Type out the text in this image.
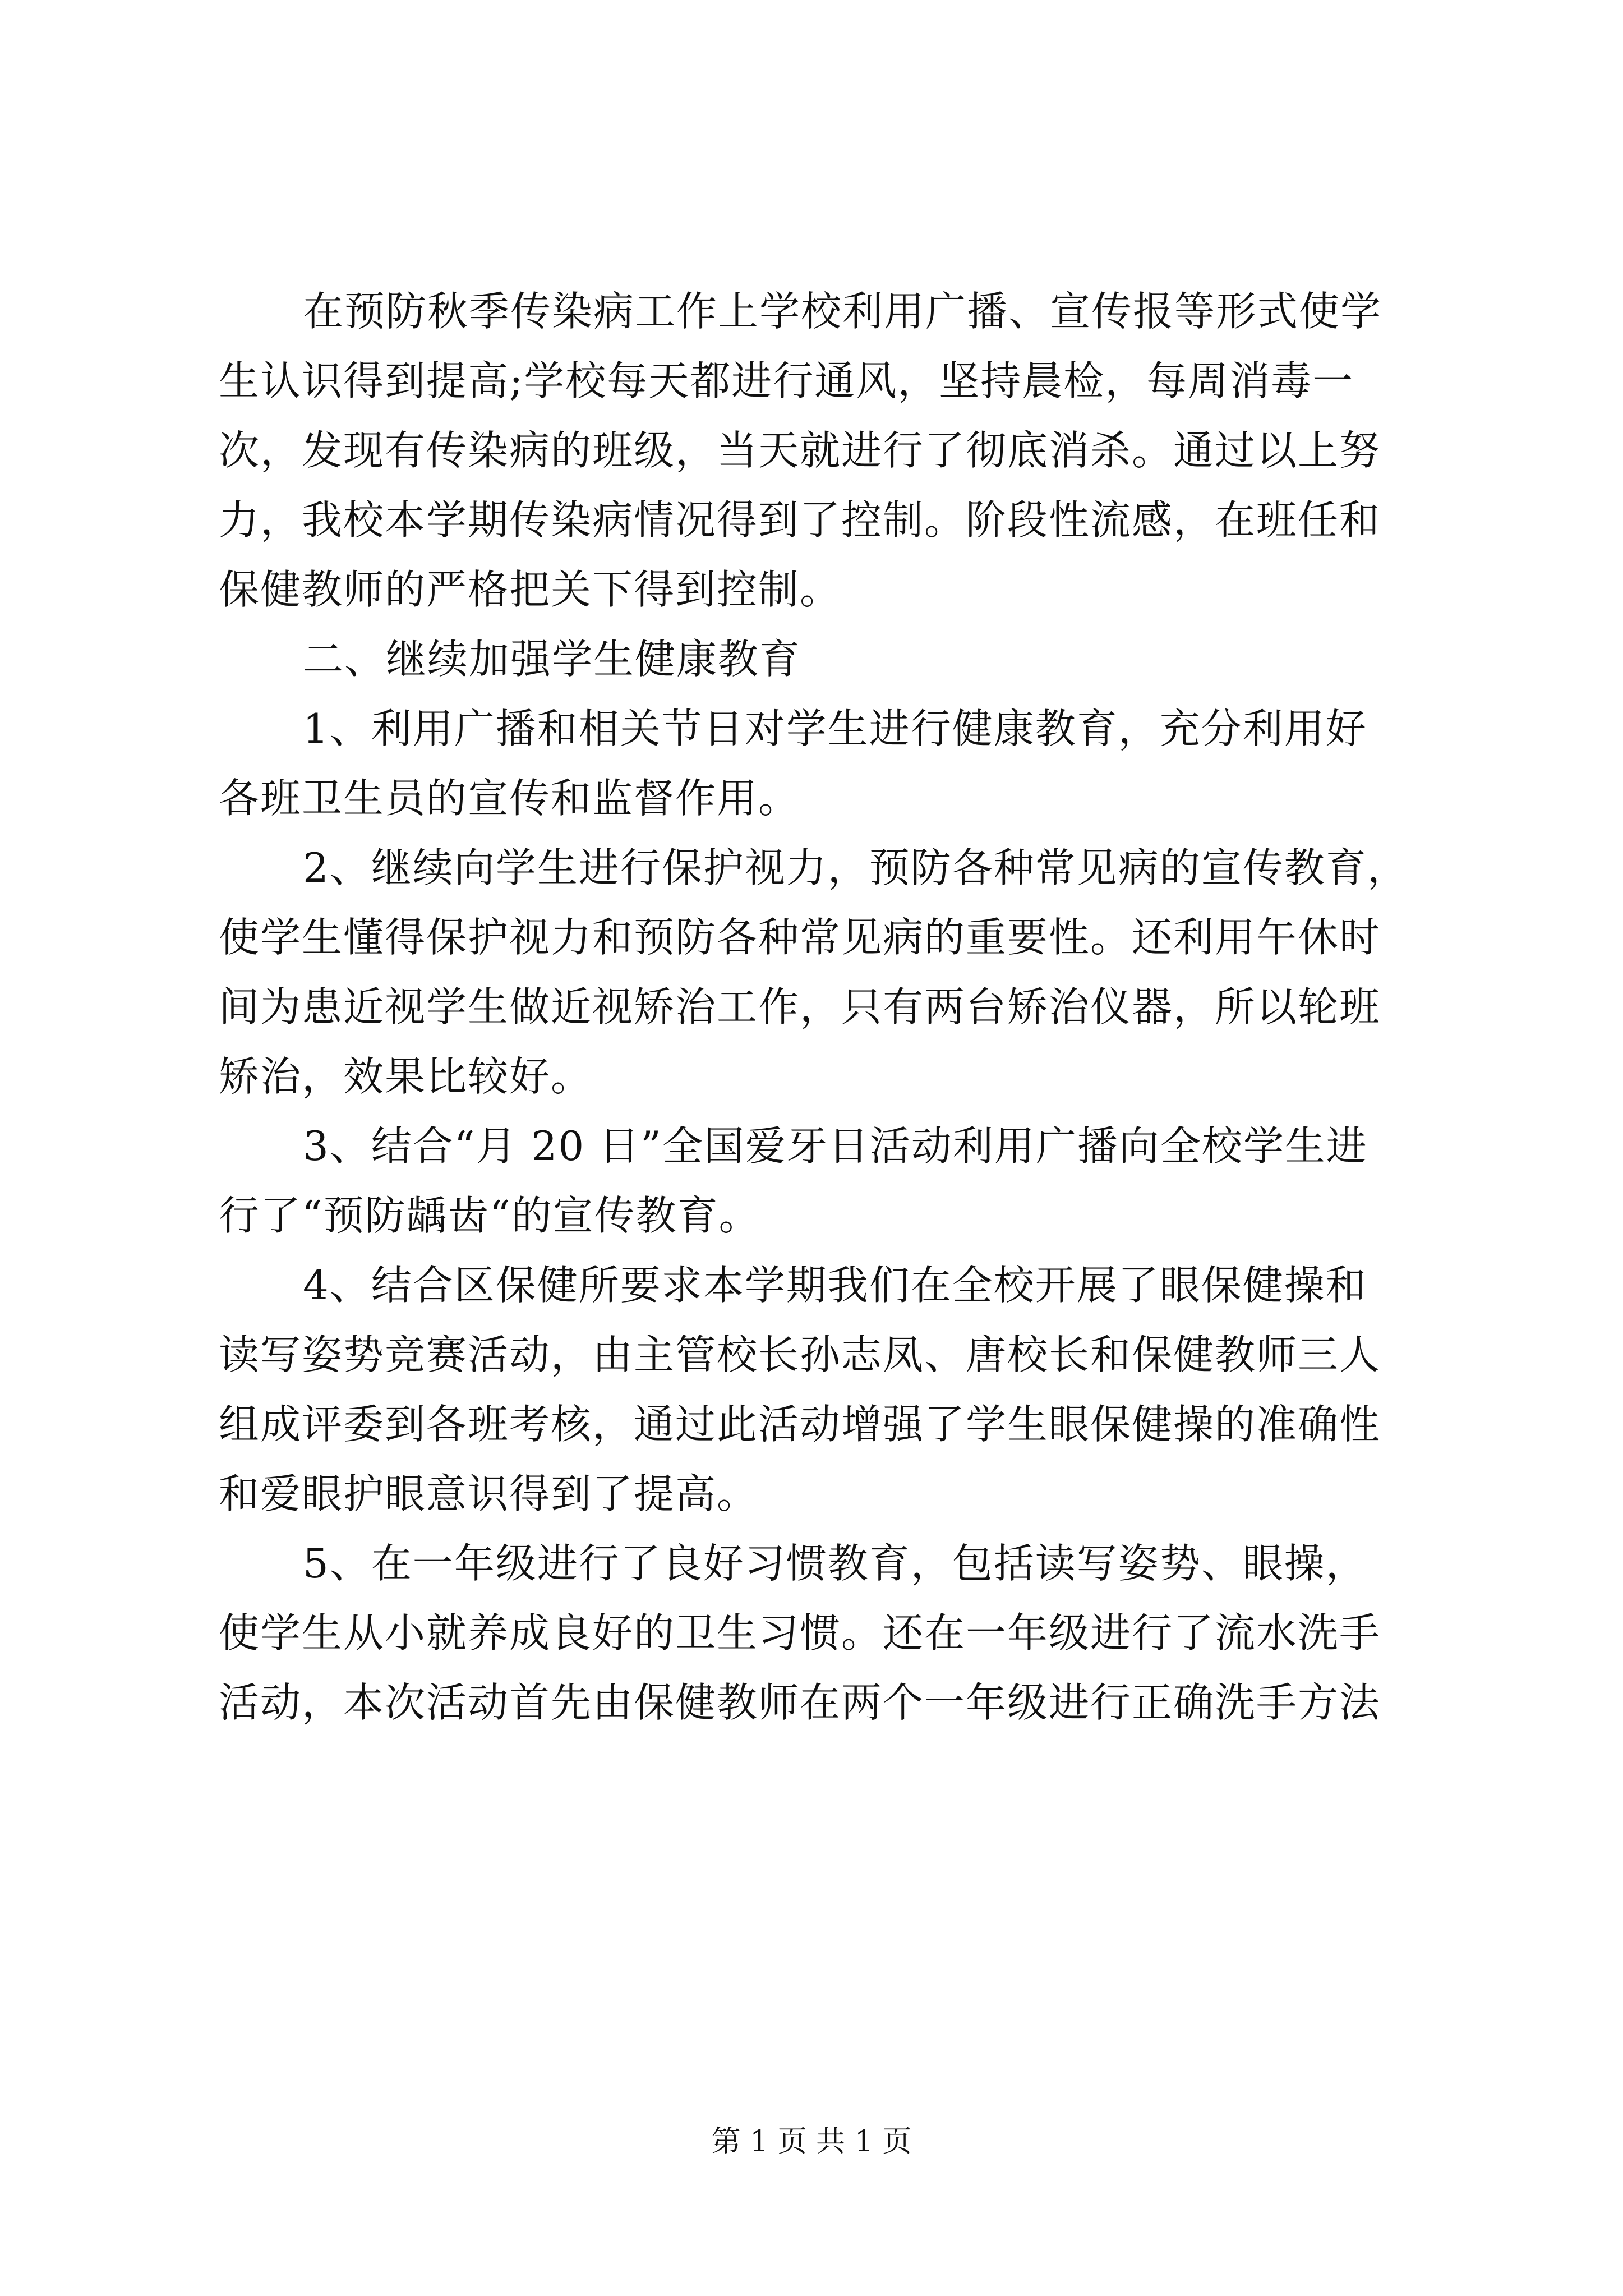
在预防秋季传染病工作上学校利用广播、宣传报等形式使学
生认识得到提高;学校每天都进行通风，坚持晨检，每周消毒一
次，发现有传染病的班级，当天就进行了彻底消杀。通过以上努
力，我校本学期传染病情况得到了控制。阶段性流感，在班任和
保健教师的严格把关下得到控制。
二、继续加强学生健康教育
1、利用广播和相关节日对学生进行健康教育，充分利用好
各班卫生员的宣传和监督作用。
2、继续向学生进行保护视力，预防各种常见病的宣传教育，
使学生懂得保护视力和预防各种常见病的重要性。还利用午休时
间为患近视学生做近视矫治工作，只有两台矫治仪器，所以轮班
矫治，效果比较好。
3、结合“月 20 日”全国爱牙日活动利用广播向全校学生进
行了“预防龋齿“的宣传教育。
4、结合区保健所要求本学期我们在全校开展了眼保健操和
读写姿势竞赛活动，由主管校长孙志凤、唐校长和保健教师三人
组成评委到各班考核，通过此活动增强了学生眼保健操的准确性
和爱眼护眼意识得到了提高。
5、在一年级进行了良好习惯教育，包括读写姿势、眼操，
使学生从小就养成良好的卫生习惯。还在一年级进行了流水洗手
活动，本次活动首先由保健教师在两个一年级进行正确洗手方法
第 1 页 共 1 页
